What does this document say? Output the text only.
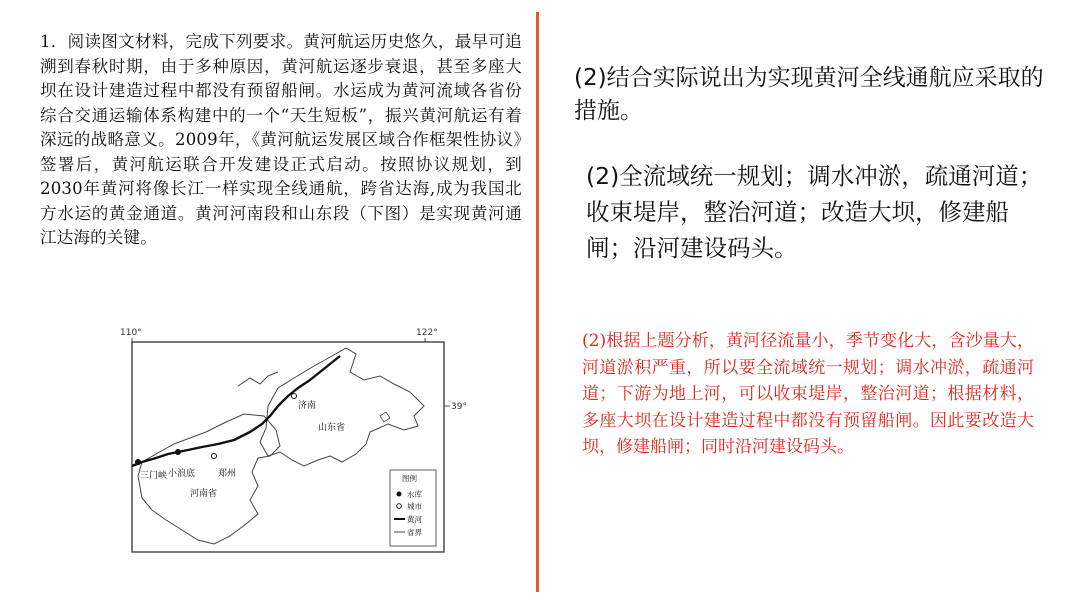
1．阅读图文材料，完成下列要求。黄河航运历史悠久，最早可追溯到春秋时期，由于多种原因，黄河航运逐步衰退，甚至多座大坝在设计建造过程中都没有预留船闸。水运成为黄河流域各省份综合交通运输体系构建中的一个“天生短板”，振兴黄河航运有着深远的战略意义。2009年，《黄河航运发展区域合作框架性协议》签署后，黄河航运联合开发建设正式启动。按照协议规划，到2030年黄河将像长江一样实现全线通航，跨省达海,成为我国北方水运的黄金通道。黄河河南段和山东段（下图）是实现黄河通江达海的关键。
110°	122°
39°
济南
山东省
三门峡 小浪底	郑州
河南省
图例
水库
城市
黄河
省界
(2)结合实际说出为实现黄河全线通航应采取的措施。
(2)全流域统一规划；调水冲淤，疏通河道；收束堤岸，整治河道；改造大坝，修建船闸；沿河建设码头。
(2)根据上题分析，黄河径流量小，季节变化大，含沙量大，河道淤积严重，所以要全流域统一规划；调水冲淤，疏通河道；下游为地上河，可以收束堤岸，整治河道；根据材料，多座大坝在设计建造过程中都没有预留船闸。因此要改造大坝，修建船闸；同时沿河建设码头。
